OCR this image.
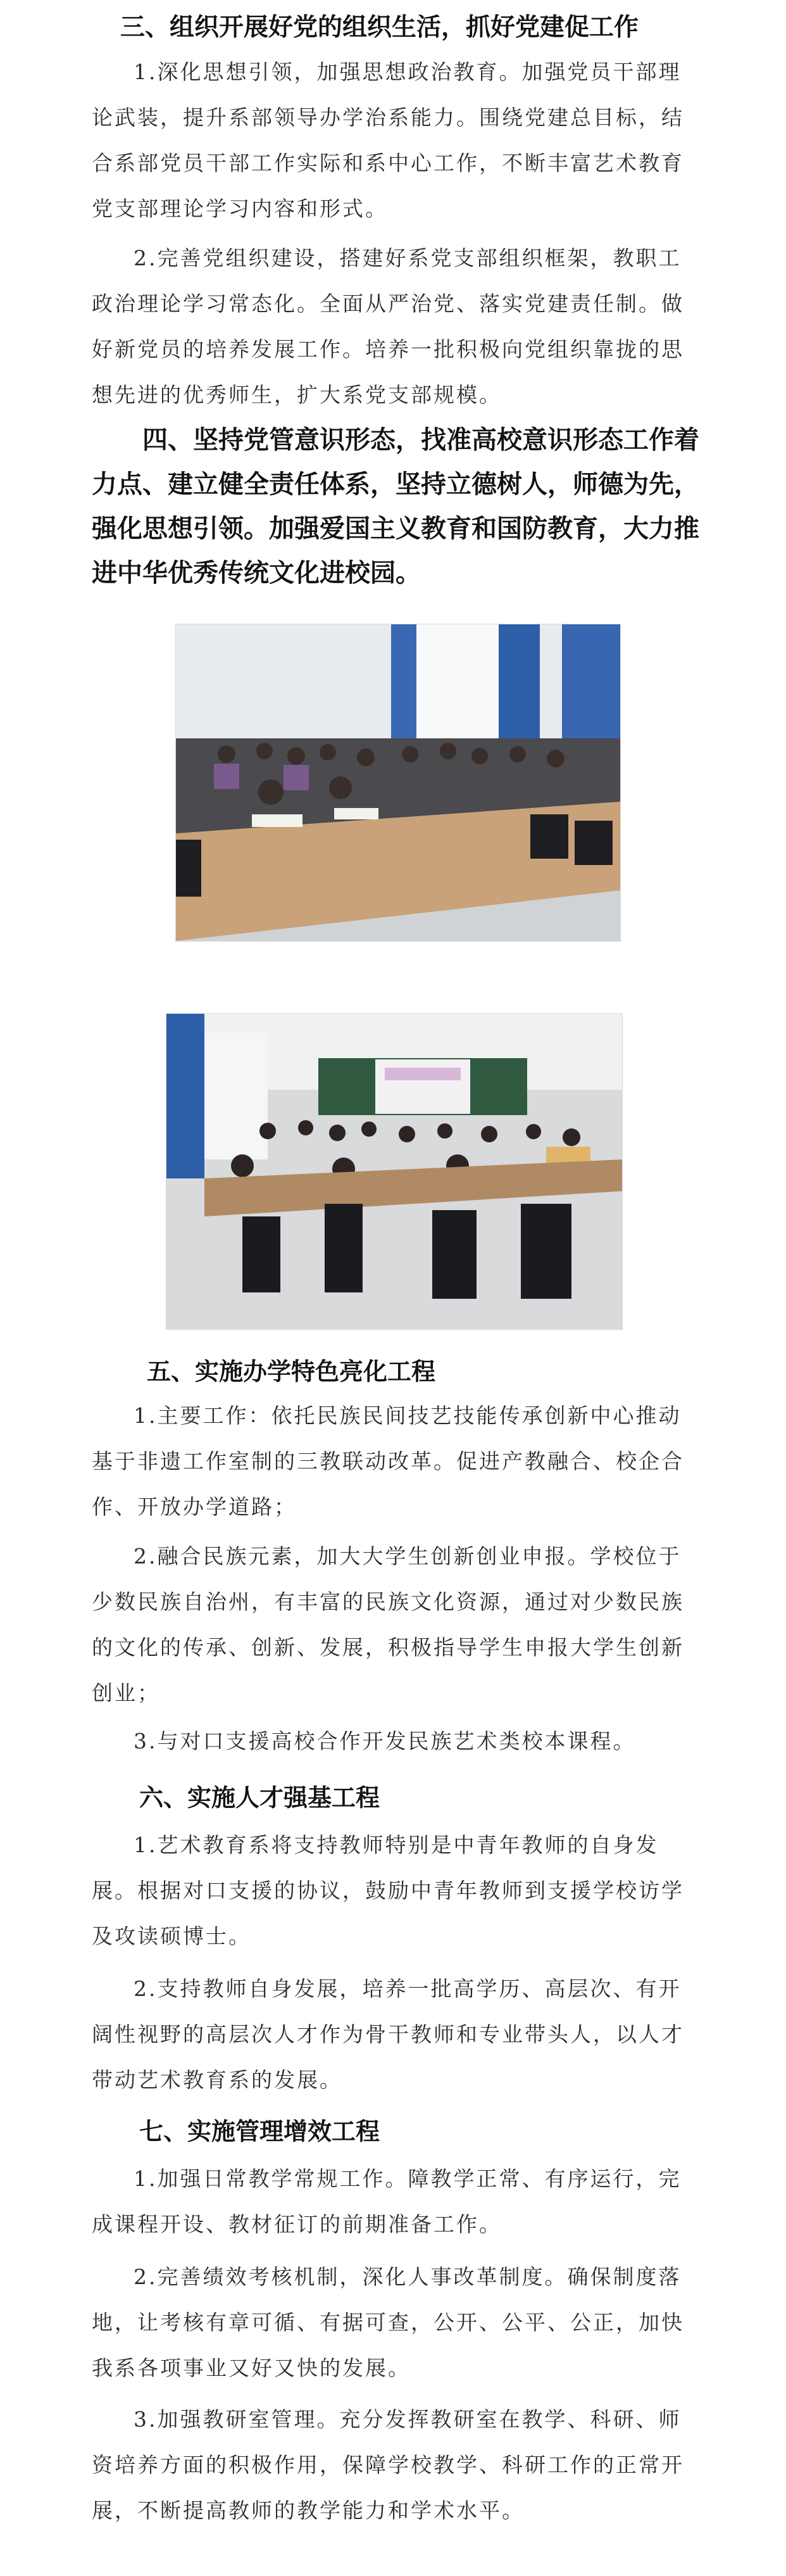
三、组织开展好党的组织生活，抓好党建促工作

1.深化思想引领，加强思想政治教育。加强党员干部理论武装，提升系部领导办学治系能力。围绕党建总目标，结合系部党员干部工作实际和系中心工作，不断丰富艺术教育党支部理论学习内容和形式。

2.完善党组织建设，搭建好系党支部组织框架，教职工政治理论学习常态化。全面从严治党、落实党建责任制。做好新党员的培养发展工作。培养一批积极向党组织靠拢的思想先进的优秀师生，扩大系党支部规模。

四、坚持党管意识形态，找准高校意识形态工作着力点、建立健全责任体系，坚持立德树人，师德为先，强化思想引领。加强爱国主义教育和国防教育，大力推进中华优秀传统文化进校园。
五、实施办学特色亮化工程

1.主要工作：依托民族民间技艺技能传承创新中心推动基于非遗工作室制的三教联动改革。促进产教融合、校企合作、开放办学道路；

2.融合民族元素，加大大学生创新创业申报。学校位于少数民族自治州，有丰富的民族文化资源，通过对少数民族的文化的传承、创新、发展，积极指导学生申报大学生创新创业；

3.与对口支援高校合作开发民族艺术类校本课程。

六、实施人才强基工程

1.艺术教育系将支持教师特别是中青年教师的自身发展。根据对口支援的协议，鼓励中青年教师到支援学校访学及攻读硕博士。

2.支持教师自身发展，培养一批高学历、高层次、有开阔性视野的高层次人才作为骨干教师和专业带头人，以人才带动艺术教育系的发展。

七、实施管理增效工程

1.加强日常教学常规工作。障教学正常、有序运行，完成课程开设、教材征订的前期准备工作。

2.完善绩效考核机制，深化人事改革制度。确保制度落地，让考核有章可循、有据可查，公开、公平、公正，加快我系各项事业又好又快的发展。

3.加强教研室管理。充分发挥教研室在教学、科研、师资培养方面的积极作用，保障学校教学、科研工作的正常开展，不断提高教师的教学能力和学术水平。
